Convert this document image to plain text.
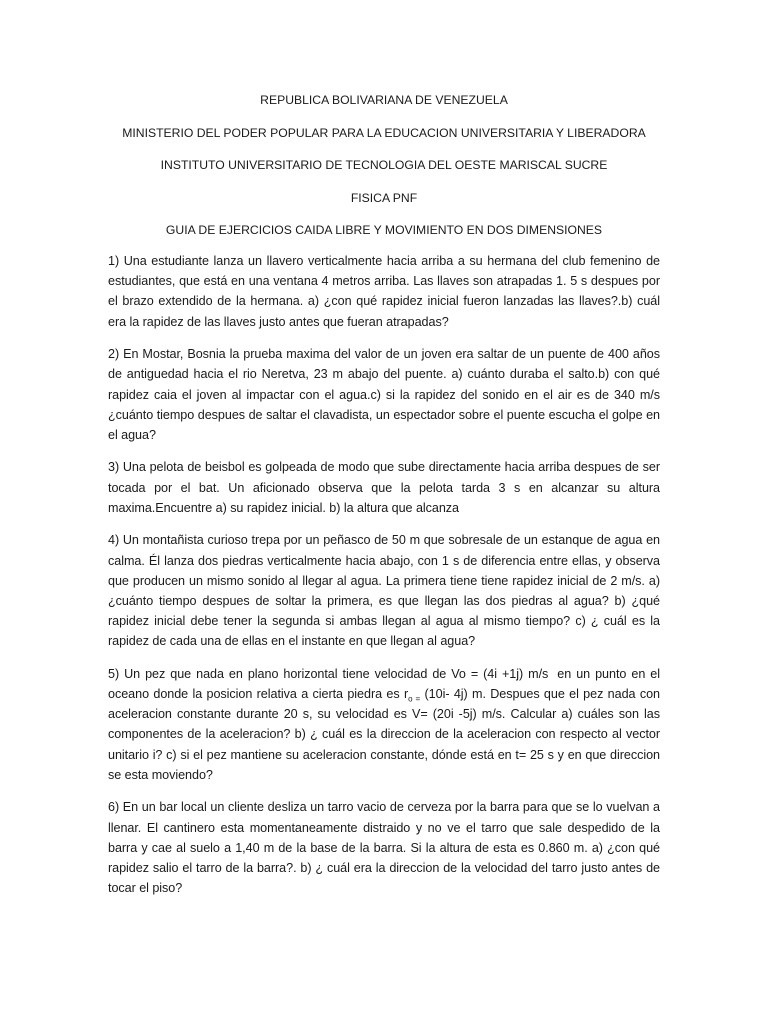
REPUBLICA BOLIVARIANA DE VENEZUELA

MINISTERIO DEL PODER POPULAR PARA LA EDUCACION UNIVERSITARIA Y LIBERADORA

INSTITUTO UNIVERSITARIO DE TECNOLOGIA DEL OESTE MARISCAL SUCRE

FISICA PNF

GUIA DE EJERCICIOS CAIDA LIBRE Y MOVIMIENTO EN DOS DIMENSIONES

1) Una estudiante lanza un llavero verticalmente hacia arriba a su hermana del club femenino de estudiantes, que está en una ventana 4 metros arriba. Las llaves son atrapadas 1. 5 s despues por el brazo extendido de la hermana. a) ¿con qué rapidez inicial fueron lanzadas las llaves?.b) cuál era la rapidez de las llaves justo antes que fueran atrapadas?

2) En Mostar, Bosnia la prueba maxima del valor de un joven era saltar de un puente de 400 años de antiguedad hacia el rio Neretva, 23 m abajo del puente. a) cuánto duraba el salto.b) con qué rapidez caia el joven al impactar con el agua.c) si la rapidez del sonido en el air es de 340 m/s ¿cuánto tiempo despues de saltar el clavadista, un espectador sobre el puente escucha el golpe en el agua?

3) Una pelota de beisbol es golpeada de modo que sube directamente hacia arriba despues de ser tocada por el bat. Un aficionado observa que la pelota tarda 3 s en alcanzar su altura maxima.Encuentre a) su rapidez inicial. b) la altura que alcanza

4) Un montañista curioso trepa por un peñasco de 50 m que sobresale de un estanque de agua en calma. Él lanza dos piedras verticalmente hacia abajo, con 1 s de diferencia entre ellas, y observa que producen un mismo sonido al llegar al agua. La primera tiene tiene rapidez inicial de 2 m/s. a) ¿cuánto tiempo despues de soltar la primera, es que llegan las dos piedras al agua? b) ¿qué rapidez inicial debe tener la segunda si ambas llegan al agua al mismo tiempo? c) ¿ cuál es la rapidez de cada una de ellas en el instante en que llegan al agua?

5) Un pez que nada en plano horizontal tiene velocidad de Vo = (4i +1j) m/s en un punto en el oceano donde la posicion relativa a cierta piedra es $r_{o =}$ (10i- 4j) m. Despues que el pez nada con aceleracion constante durante 20 s, su velocidad es V= (20i -5j) m/s. Calcular a) cuáles son las componentes de la aceleracion? b) ¿ cuál es la direccion de la aceleracion con respecto al vector unitario i? c) si el pez mantiene su aceleracion constante, dónde está en t= 25 s y en que direccion se esta moviendo?

6) En un bar local un cliente desliza un tarro vacio de cerveza por la barra para que se lo vuelvan a llenar. El cantinero esta momentaneamente distraido y no ve el tarro que sale despedido de la barra y cae al suelo a 1,40 m de la base de la barra. Si la altura de esta es 0.860 m. a) ¿con qué rapidez salio el tarro de la barra?. b) ¿ cuál era la direccion de la velocidad del tarro justo antes de tocar el piso?
